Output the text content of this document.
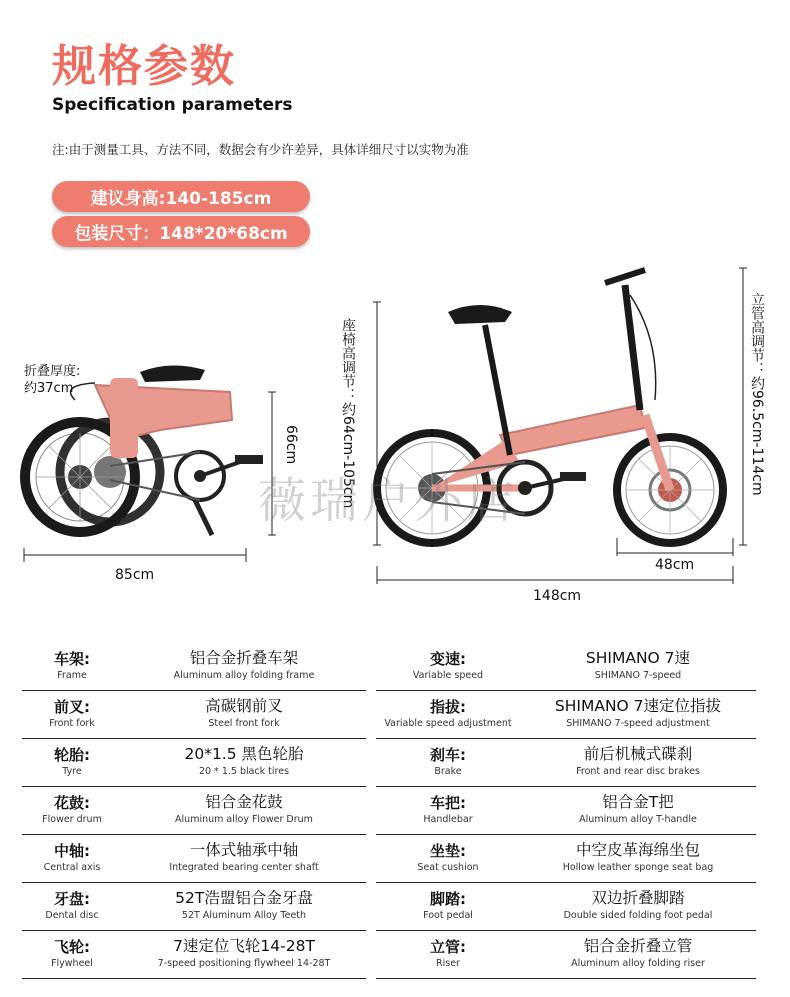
规格参数
Specification parameters
注:由于测量工具、方法不同，数据会有少许差异，具体详细尺寸以实物为准
建议身高:140-185cm
包装尺寸：148*20*68cm
折叠厚度:
约37cm
66cm
85cm
座椅高调节：约64cm-105cm	立管高调节：约96.5cm-114cm
48cm
148cm
薇瑞户外店
车架:
Frame
铝合金折叠车架
Aluminum alloy folding frame
前叉:
Front fork
高碳钢前叉
Steel front fork
轮胎:
Tyre
20*1.5 黑色轮胎
20 * 1.5 black tires
花鼓:
Flower drum
铝合金花鼓
Aluminum alloy Flower Drum
中轴:
Central axis
一体式轴承中轴
Integrated bearing center shaft
牙盘:
Dental disc
52T浩盟铝合金牙盘
52T Aluminum Alloy Teeth
飞轮:
Flywheel
7速定位飞轮14-28T
7-speed positioning flywheel 14-28T
变速:
Variable speed
SHIMANO 7速
SHIMANO 7-speed
指拔:
Variable speed adjustment
SHIMANO 7速定位指拔
SHIMANO 7-speed adjustment
刹车:
Brake
前后机械式碟刹
Front and rear disc brakes
车把:
Handlebar
铝合金T把
Aluminum alloy T-handle
坐垫:
Seat cushion
中空皮革海绵坐包
Hollow leather sponge seat bag
脚踏:
Foot pedal
双边折叠脚踏
Double sided folding foot pedal
立管:
Riser
铝合金折叠立管
Aluminum alloy folding riser
